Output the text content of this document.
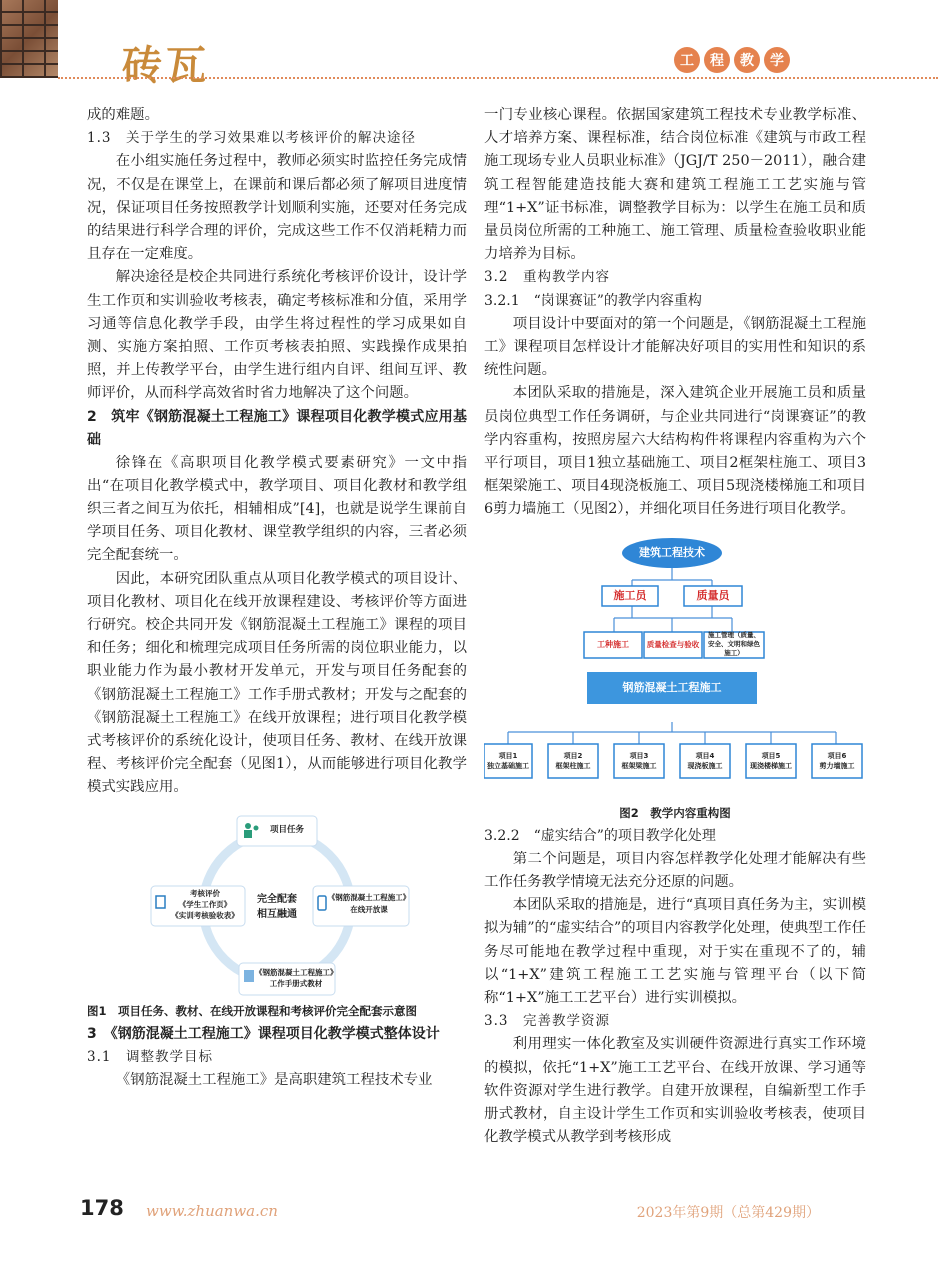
砖瓦	工	程	教	学
成的难题。
1.3　关于学生的学习效果难以考核评价的解决途径
在小组实施任务过程中，教师必须实时监控任务完成情况，不仅是在课堂上，在课前和课后都必须了解项目进度情况，保证项目任务按照教学计划顺利实施，还要对任务完成的结果进行科学合理的评价，完成这些工作不仅消耗精力而且存在一定难度。
解决途径是校企共同进行系统化考核评价设计，设计学生工作页和实训验收考核表，确定考核标准和分值，采用学习通等信息化教学手段，由学生将过程性的学习成果如自测、实施方案拍照、工作页考核表拍照、实践操作成果拍照，并上传教学平台，由学生进行组内自评、组间互评、教师评价，从而科学高效省时省力地解决了这个问题。
2　筑牢《钢筋混凝土工程施工》课程项目化教学模式应用基础
徐锋在《高职项目化教学模式要素研究》一文中指出“在项目化教学模式中，教学项目、项目化教材和教学组织三者之间互为依托，相辅相成”[4]，也就是说学生课前自学项目任务、项目化教材、课堂教学组织的内容，三者必须完全配套统一。
因此，本研究团队重点从项目化教学模式的项目设计、项目化教材、项目化在线开放课程建设、考核评价等方面进行研究。校企共同开发《钢筋混凝土工程施工》课程的项目和任务；细化和梳理完成项目任务所需的岗位职业能力，以职业能力作为最小教材开发单元，开发与项目任务配套的《钢筋混凝土工程施工》工作手册式教材；开发与之配套的《钢筋混凝土工程施工》在线开放课程；进行项目化教学模式考核评价的系统化设计，使项目任务、教材、在线开放课程、考核评价完全配套（见图1），从而能够进行项目化教学模式实践应用。
项目任务
完全配套
相互融通
《钢筋混凝土工程施工》
在线开放课
考核评价
《学生工作页》
《实训考核验收表》
《钢筋混凝土工程施工》
工作手册式教材
图1　项目任务、教材、在线开放课程和考核评价完全配套示意图
3　《钢筋混凝土工程施工》课程项目化教学模式整体设计
3.1　调整教学目标
《钢筋混凝土工程施工》是高职建筑工程技术专业
一门专业核心课程。依据国家建筑工程技术专业教学标准、人才培养方案、课程标准，结合岗位标准《建筑与市政工程施工现场专业人员职业标准》（JGJ/T 250－2011），融合建筑工程智能建造技能大赛和建筑工程施工工艺实施与管理“1+X”证书标准，调整教学目标为：以学生在施工员和质量员岗位所需的工种施工、施工管理、质量检查验收职业能力培养为目标。
3.2　重构教学内容
3.2.1　“岗课赛证”的教学内容重构
项目设计中要面对的第一个问题是，《钢筋混凝土工程施工》课程项目怎样设计才能解决好项目的实用性和知识的系统性问题。
本团队采取的措施是，深入建筑企业开展施工员和质量员岗位典型工作任务调研，与企业共同进行“岗课赛证”的教学内容重构，按照房屋六大结构构件将课程内容重构为六个平行项目，项目1独立基础施工、项目2框架柱施工、项目3框架梁施工、项目4现浇板施工、项目5现浇楼梯施工和项目6剪力墙施工（见图2），并细化项目任务进行项目化教学。
建筑工程技术
施工员	质量员
工种施工	质量检查与验收
施工管理（质量、安全、文明和绿色施工）
钢筋混凝土工程施工
项目1
独立基础施工
项目2
框架柱施工
项目3
框架梁施工
项目4
现浇板施工
项目5
现浇楼梯施工
项目6
剪力墙施工
图2　教学内容重构图
3.2.2　“虚实结合”的项目教学化处理
第二个问题是，项目内容怎样教学化处理才能解决有些工作任务教学情境无法充分还原的问题。
本团队采取的措施是，进行“真项目真任务为主，实训模拟为辅”的“虚实结合”的项目内容教学化处理，使典型工作任务尽可能地在教学过程中重现，对于实在重现不了的，辅以“1+X”建筑工程施工工艺实施与管理平台（以下简称“1+X”施工工艺平台）进行实训模拟。
3.3　完善教学资源
利用理实一体化教室及实训硬件资源进行真实工作环境的模拟，依托“1+X”施工工艺平台、在线开放课、学习通等软件资源对学生进行教学。自建开放课程，自编新型工作手册式教材，自主设计学生工作页和实训验收考核表，使项目化教学模式从教学到考核形成
178 www.zhuanwa.cn	2023年第9期（总第429期）
